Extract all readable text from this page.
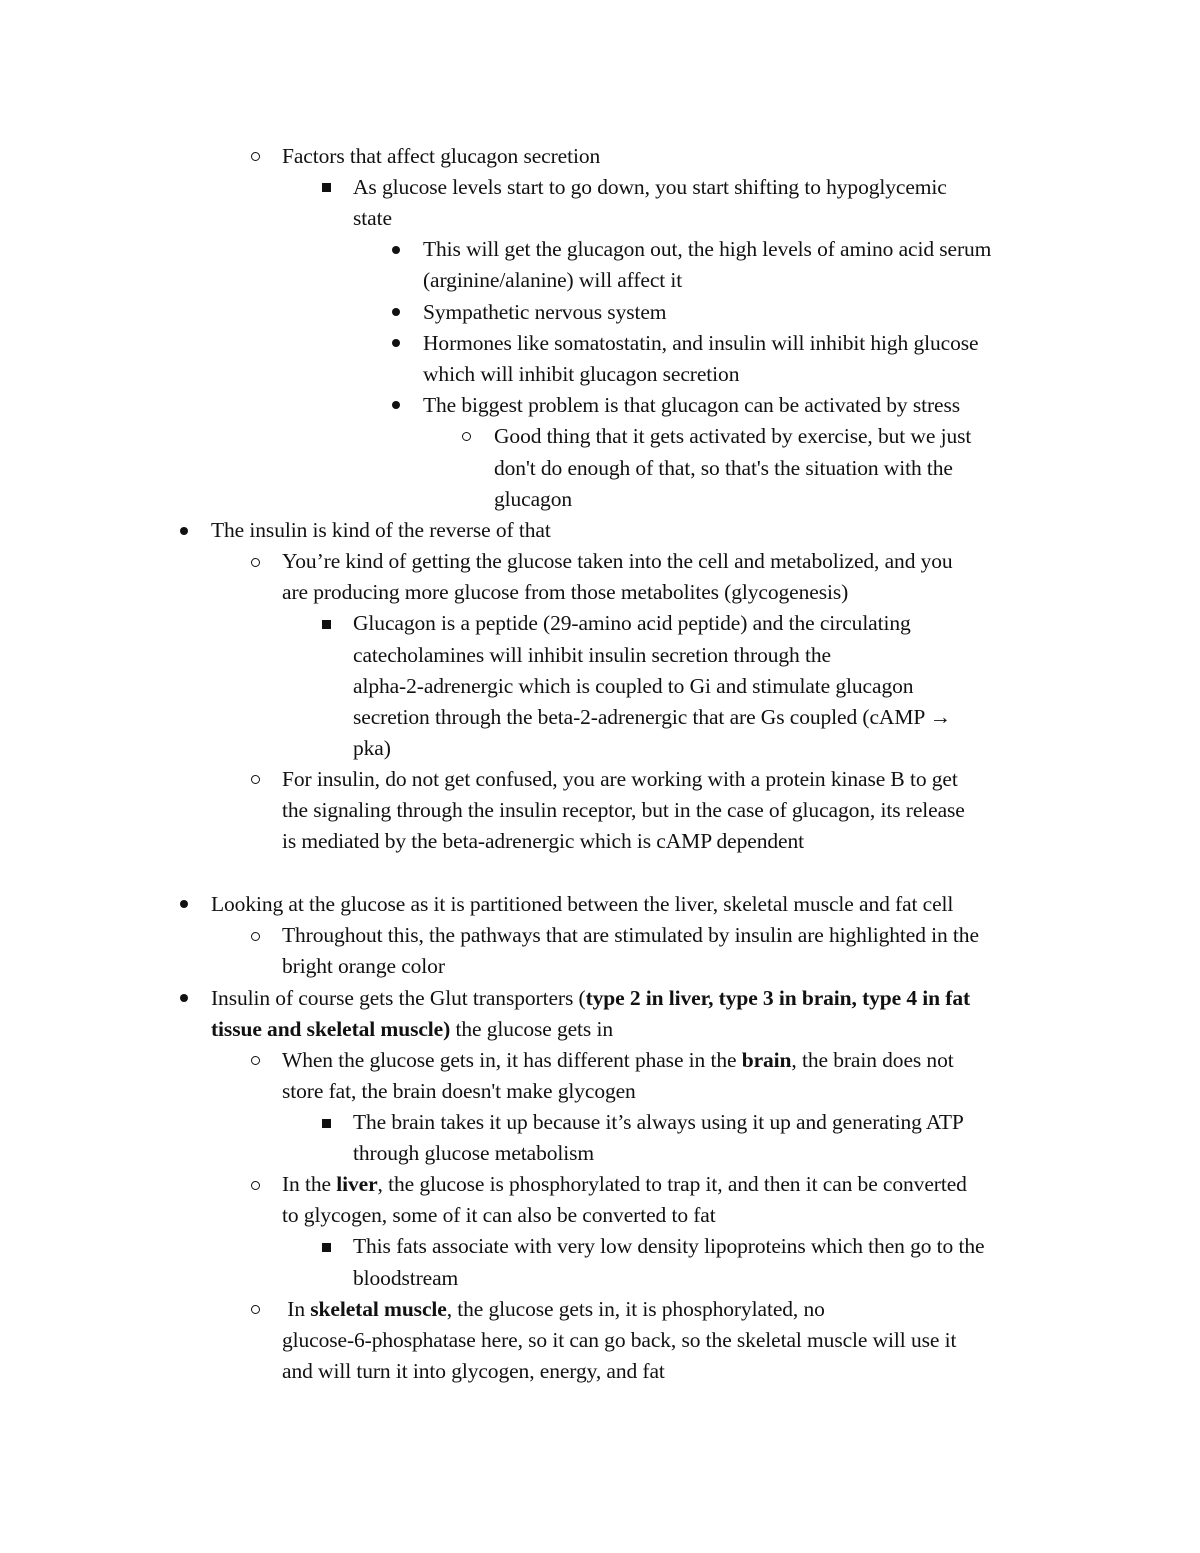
Factors that affect glucagon secretion
As glucose levels start to go down, you start shifting to hypoglycemic
state
This will get the glucagon out, the high levels of amino acid serum
(arginine/alanine) will affect it
Sympathetic nervous system
Hormones like somatostatin, and insulin will inhibit high glucose
which will inhibit glucagon secretion
The biggest problem is that glucagon can be activated by stress
Good thing that it gets activated by exercise, but we just
don't do enough of that, so that's the situation with the
glucagon
The insulin is kind of the reverse of that
You’re kind of getting the glucose taken into the cell and metabolized, and you
are producing more glucose from those metabolites (glycogenesis)
Glucagon is a peptide (29-amino acid peptide) and the circulating
catecholamines will inhibit insulin secretion through the
alpha-2-adrenergic which is coupled to Gi and stimulate glucagon
secretion through the beta-2-adrenergic that are Gs coupled (cAMP →
pka)
For insulin, do not get confused, you are working with a protein kinase B to get
the signaling through the insulin receptor, but in the case of glucagon, its release
is mediated by the beta-adrenergic which is cAMP dependent
Looking at the glucose as it is partitioned between the liver, skeletal muscle and fat cell
Throughout this, the pathways that are stimulated by insulin are highlighted in the
bright orange color
Insulin of course gets the Glut transporters (type 2 in liver, type 3 in brain, type 4 in fat
tissue and skeletal muscle) the glucose gets in
When the glucose gets in, it has different phase in the brain, the brain does not
store fat, the brain doesn't make glycogen
The brain takes it up because it’s always using it up and generating ATP
through glucose metabolism
In the liver, the glucose is phosphorylated to trap it, and then it can be converted
to glycogen, some of it can also be converted to fat
This fats associate with very low density lipoproteins which then go to the
bloodstream
In skeletal muscle, the glucose gets in, it is phosphorylated, no
glucose-6-phosphatase here, so it can go back, so the skeletal muscle will use it
and will turn it into glycogen, energy, and fat
